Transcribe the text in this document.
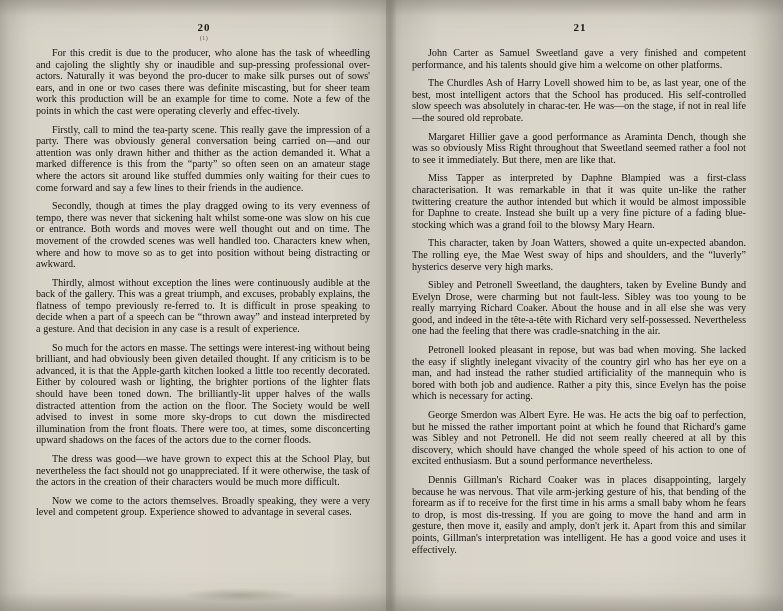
20
(1)

For this credit is due to the producer, who alone has the task of wheedling and cajoling the slightly shy or inaudible and sup-pressing professional over-actors. Naturally it was beyond the pro-ducer to make silk purses out of sows' ears, and in one or two cases there was definite miscasting, but for sheer team work this production will be an example for time to come. Note a few of the points in which the cast were operating cleverly and effec-tively.

Firstly, call to mind the tea-party scene. This really gave the impression of a party. There was obviously general conversation being carried on—and our attention was only drawn hither and thither as the action demanded it. What a marked difference is this from the “party” so often seen on an amateur stage where the actors sit around like stuffed dummies only waiting for their cues to come forward and say a few lines to their friends in the audience.

Secondly, though at times the play dragged owing to its very evenness of tempo, there was never that sickening halt whilst some-one was slow on his cue or entrance. Both words and moves were well thought out and on time. The movement of the crowded scenes was well handled too. Characters knew when, where and how to move so as to get into position without being distracting or awkward.

Thirdly, almost without exception the lines were continuously audible at the back of the gallery. This was a great triumph, and excuses, probably explains, the flatness of tempo previously re-ferred to. It is difficult in prose speaking to decide when a part of a speech can be “thrown away” and instead interpreted by a gesture. And that decision in any case is a result of experience.

So much for the actors en masse. The settings were interest-ing without being brilliant, and had obviously been given detailed thought. If any criticism is to be advanced, it is that the Apple-garth kitchen looked a little too recently decorated. Either by coloured wash or lighting, the brighter portions of the lighter flats should have been toned down. The brilliantly-lit upper halves of the walls distracted attention from the action on the floor. The Society would be well advised to invest in some more sky-drops to cut down the misdirected illumination from the front floats. There were too, at times, some disconcerting upward shadows on the faces of the actors due to the corner floods.

The dress was good—we have grown to expect this at the School Play, but nevertheless the fact should not go unappreciated. If it were otherwise, the task of the actors in the creation of their characters would be much more difficult.

Now we come to the actors themselves. Broadly speaking, they were a very level and competent group. Experience showed to advantage in several cases.

21

John Carter as Samuel Sweetland gave a very finished and competent performance, and his talents should give him a welcome on other platforms.

The Churdles Ash of Harry Lovell showed him to be, as last year, one of the best, most intelligent actors that the School has produced. His self-controlled slow speech was absolutely in charac-ter. He was—on the stage, if not in real life—the soured old reprobate.

Margaret Hillier gave a good performance as Araminta Dench, though she was so obviously Miss Right throughout that Sweetland seemed rather a fool not to see it immediately. But there, men are like that.

Miss Tapper as interpreted by Daphne Blampied was a first-class characterisation. It was remarkable in that it was quite un-like the rather twittering creature the author intended but which it would be almost impossible for Daphne to create. Instead she built up a very fine picture of a fading blue-stocking which was a grand foil to the blowsy Mary Hearn.

This character, taken by Joan Watters, showed a quite un-expected abandon. The rolling eye, the Mae West sway of hips and shoulders, and the “luverly” hysterics deserve very high marks.

Sibley and Petronell Sweetland, the daughters, taken by Eveline Bundy and Evelyn Drose, were charming but not fault-less. Sibley was too young to be really marrying Richard Coaker. About the house and in all else she was very good, and indeed in the tête-a-tête with Richard very self-possessed. Nevertheless one had the feeling that there was cradle-snatching in the air.

Petronell looked pleasant in repose, but was bad when moving. She lacked the easy if slightly inelegant vivacity of the country girl who has her eye on a man, and had instead the rather studied artificiality of the mannequin who is bored with both job and audience. Rather a pity this, since Evelyn has the poise which is necessary for acting.

George Smerdon was Albert Eyre. He was. He acts the big oaf to perfection, but he missed the rather important point at which he found that Richard's game was Sibley and not Petronell. He did not seem really cheered at all by this discovery, which should have changed the whole speed of his action to one of excited enthusiasm. But a sound performance nevertheless.

Dennis Gillman's Richard Coaker was in places disappointing, largely because he was nervous. That vile arm-jerking gesture of his, that bending of the forearm as if to receive for the first time in his arms a small baby whom he fears to drop, is most dis-tressing. If you are going to move the hand and arm in gesture, then move it, easily and amply, don't jerk it. Apart from this and similar points, Gillman's interpretation was intelligent. He has a good voice and uses it effectively.
